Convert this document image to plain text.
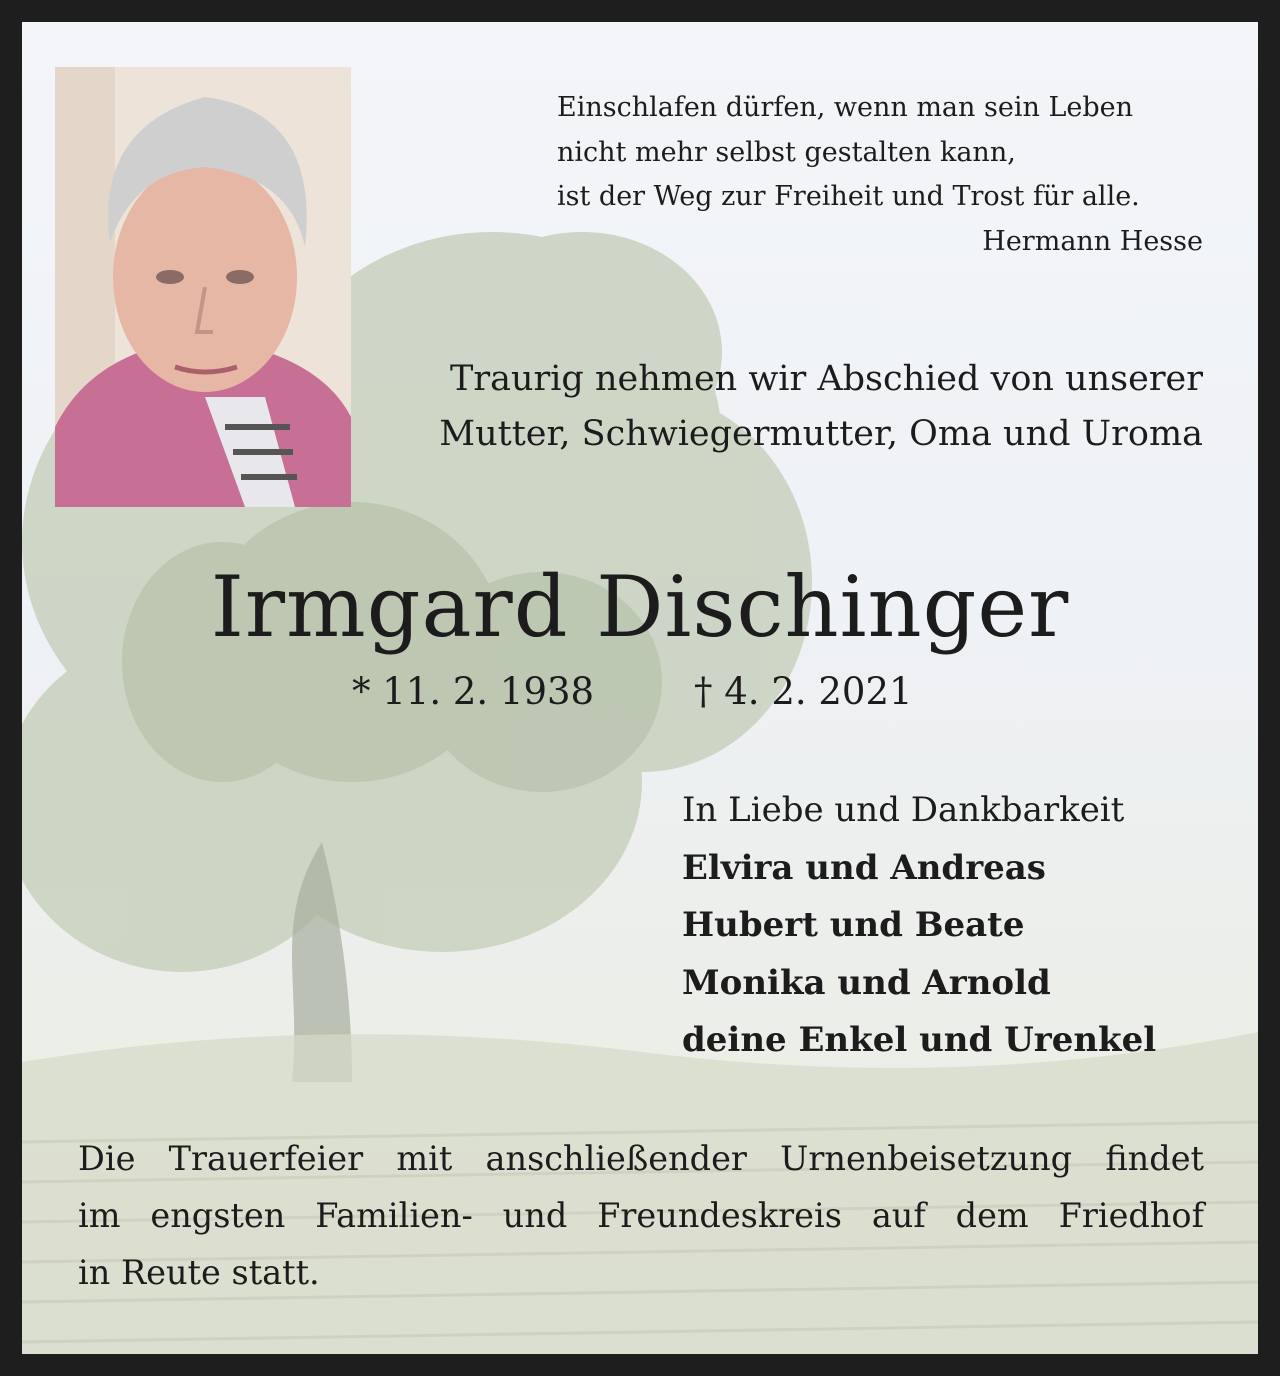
Einschlafen dürfen, wenn man sein Leben
nicht mehr selbst gestalten kann,
ist der Weg zur Freiheit und Trost für alle.
Hermann Hesse
Traurig nehmen wir Abschied von unserer
Mutter, Schwiegermutter, Oma und Uroma
Irmgard Dischinger
* 11. 2. 1938	† 4. 2. 2021
In Liebe und Dankbarkeit
Elvira und Andreas
Hubert und Beate
Monika und Arnold
deine Enkel und Urenkel
Die Trauerfeier mit anschließender Urnenbeisetzung findet
im engsten Familien- und Freundeskreis auf dem Friedhof
in Reute statt.
